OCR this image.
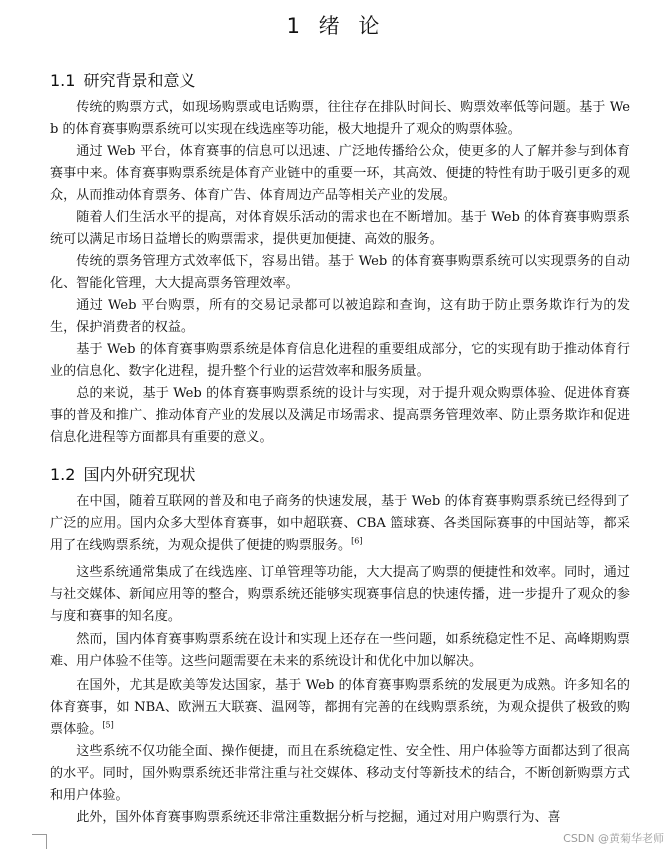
1 绪 论
1.1 研究背景和意义

传统的购票方式，如现场购票或电话购票，往往存在排队时间长、购票效率低等问题。基于 Web 的体育赛事购票系统可以实现在线选座等功能，极大地提升了观众的购票体验。

通过 Web 平台，体育赛事的信息可以迅速、广泛地传播给公众，使更多的人了解并参与到体育赛事中来。体育赛事购票系统是体育产业链中的重要一环，其高效、便捷的特性有助于吸引更多的观众，从而推动体育票务、体育广告、体育周边产品等相关产业的发展。

随着人们生活水平的提高，对体育娱乐活动的需求也在不断增加。基于 Web 的体育赛事购票系统可以满足市场日益增长的购票需求，提供更加便捷、高效的服务。

传统的票务管理方式效率低下，容易出错。基于 Web 的体育赛事购票系统可以实现票务的自动化、智能化管理，大大提高票务管理效率。

通过 Web 平台购票，所有的交易记录都可以被追踪和查询，这有助于防止票务欺诈行为的发生，保护消费者的权益。

基于 Web 的体育赛事购票系统是体育信息化进程的重要组成部分，它的实现有助于推动体育行业的信息化、数字化进程，提升整个行业的运营效率和服务质量。

总的来说，基于 Web 的体育赛事购票系统的设计与实现，对于提升观众购票体验、促进体育赛事的普及和推广、推动体育产业的发展以及满足市场需求、提高票务管理效率、防止票务欺诈和促进信息化进程等方面都具有重要的意义。

1.2 国内外研究现状

在中国，随着互联网的普及和电子商务的快速发展，基于 Web 的体育赛事购票系统已经得到了广泛的应用。国内众多大型体育赛事，如中超联赛、CBA 篮球赛、各类国际赛事的中国站等，都采用了在线购票系统，为观众提供了便捷的购票服务。[6]

这些系统通常集成了在线选座、订单管理等功能，大大提高了购票的便捷性和效率。同时，通过与社交媒体、新闻应用等的整合，购票系统还能够实现赛事信息的快速传播，进一步提升了观众的参与度和赛事的知名度。

然而，国内体育赛事购票系统在设计和实现上还存在一些问题，如系统稳定性不足、高峰期购票难、用户体验不佳等。这些问题需要在未来的系统设计和优化中加以解决。

在国外，尤其是欧美等发达国家，基于 Web 的体育赛事购票系统的发展更为成熟。许多知名的体育赛事，如 NBA、欧洲五大联赛、温网等，都拥有完善的在线购票系统，为观众提供了极致的购票体验。[5]

这些系统不仅功能全面、操作便捷，而且在系统稳定性、安全性、用户体验等方面都达到了很高的水平。同时，国外购票系统还非常注重与社交媒体、移动支付等新技术的结合，不断创新购票方式和用户体验。

此外，国外体育赛事购票系统还非常注重数据分析与挖掘，通过对用户购票行为、喜

CSDN @黄菊华老师
